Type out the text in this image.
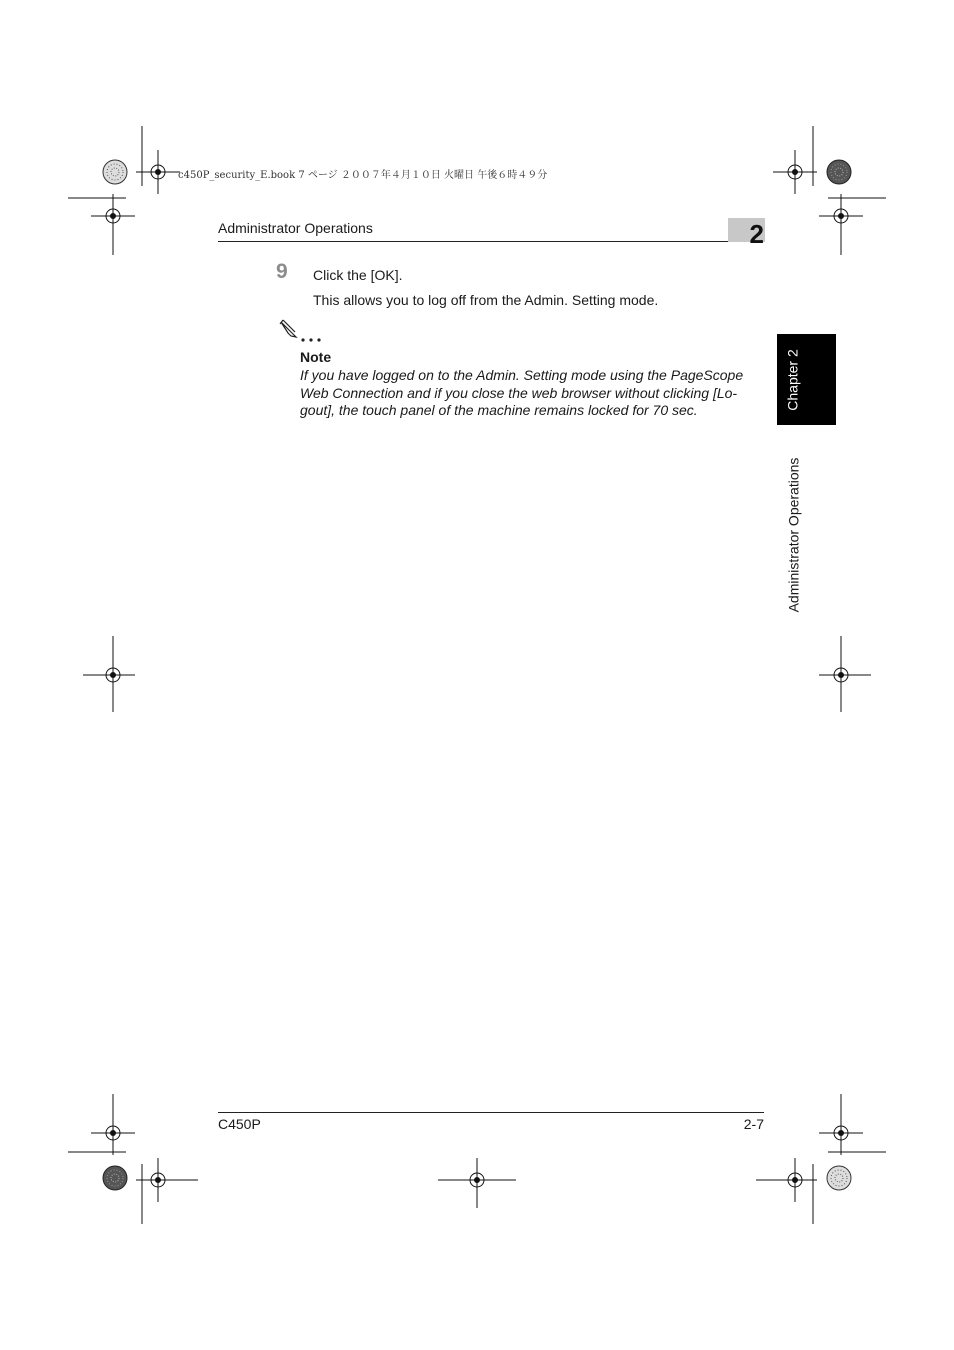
c450P_security_E.book 7 ページ ２００７年４月１０日 火曜日 午後６時４９分
Administrator Operations	2
9 Click the [OK].
This allows you to log off from the Admin. Setting mode.
Note
If you have logged on to the Admin. Setting mode using the PageScope
Web Connection and if you close the web browser without clicking [Lo-
gout], the touch panel of the machine remains locked for 70 sec.	Chapter 2
Administrator Operations
C450P	2-7
